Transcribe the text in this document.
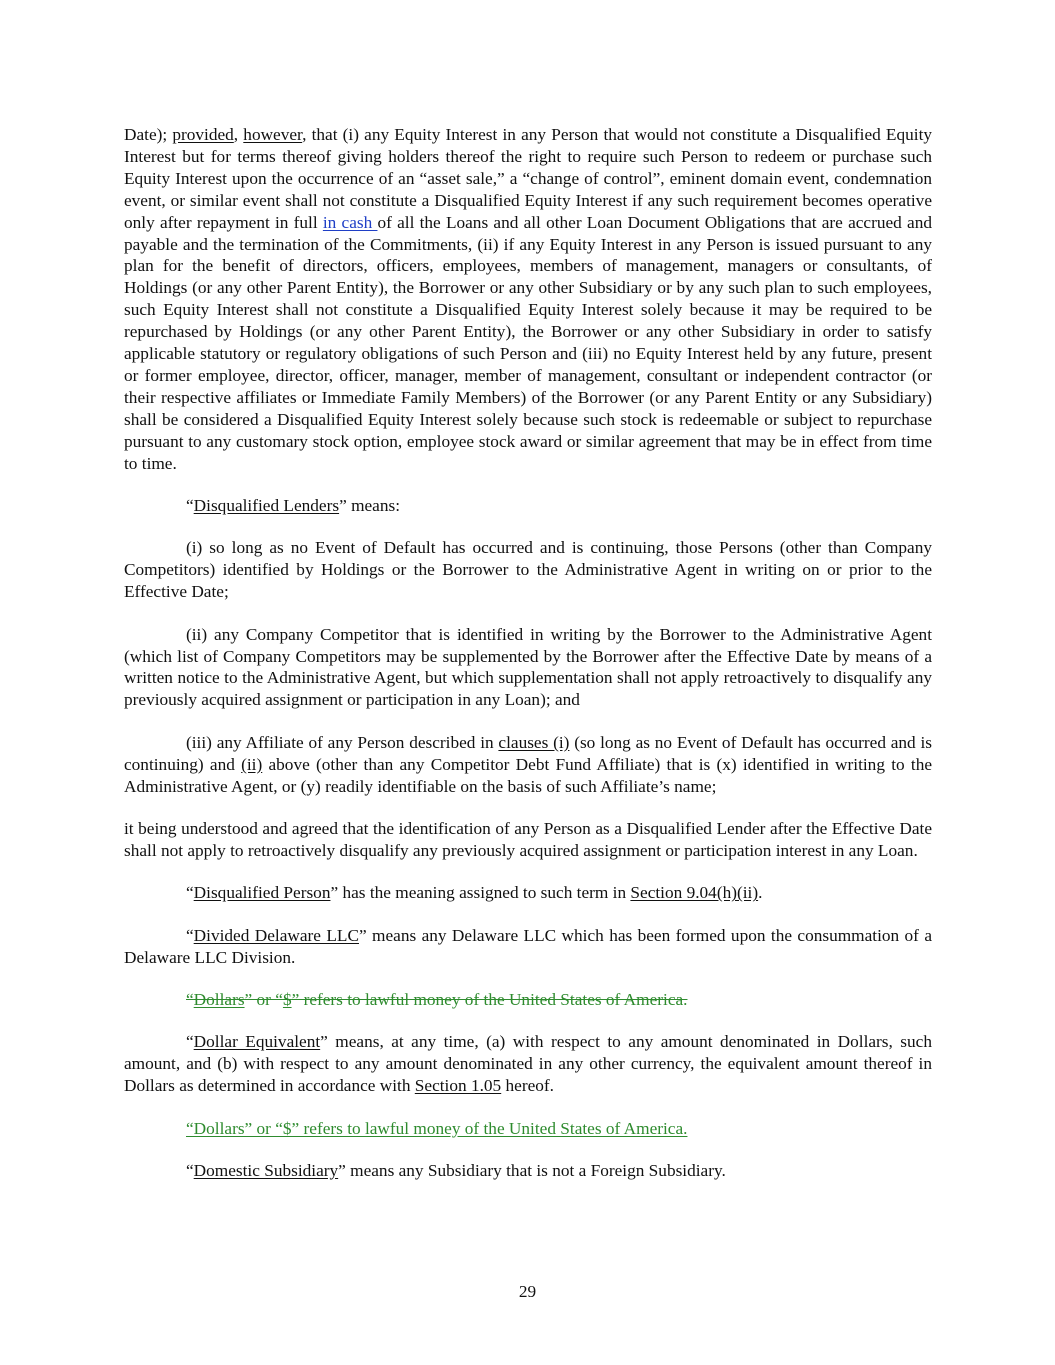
Date); provided, however, that (i) any Equity Interest in any Person that would not constitute a Disqualified Equity Interest but for terms thereof giving holders thereof the right to require such Person to redeem or purchase such Equity Interest upon the occurrence of an “asset sale,” a “change of control”, eminent domain event, condemnation event, or similar event shall not constitute a Disqualified Equity Interest if any such requirement becomes operative only after repayment in full in cash of all the Loans and all other Loan Document Obligations that are accrued and payable and the termination of the Commitments, (ii) if any Equity Interest in any Person is issued pursuant to any plan for the benefit of directors, officers, employees, members of management, managers or consultants, of Holdings (or any other Parent Entity), the Borrower or any other Subsidiary or by any such plan to such employees, such Equity Interest shall not constitute a Disqualified Equity Interest solely because it may be required to be repurchased by Holdings (or any other Parent Entity), the Borrower or any other Subsidiary in order to satisfy applicable statutory or regulatory obligations of such Person and (iii) no Equity Interest held by any future, present or former employee, director, officer, manager, member of management, consultant or independent contractor (or their respective affiliates or Immediate Family Members) of the Borrower (or any Parent Entity or any Subsidiary) shall be considered a Disqualified Equity Interest solely because such stock is redeemable or subject to repurchase pursuant to any customary stock option, employee stock award or similar agreement that may be in effect from time to time.

“Disqualified Lenders” means:

(i) so long as no Event of Default has occurred and is continuing, those Persons (other than Company Competitors) identified by Holdings or the Borrower to the Administrative Agent in writing on or prior to the Effective Date;

(ii) any Company Competitor that is identified in writing by the Borrower to the Administrative Agent (which list of Company Competitors may be supplemented by the Borrower after the Effective Date by means of a written notice to the Administrative Agent, but which supplementation shall not apply retroactively to disqualify any previously acquired assignment or participation in any Loan); and

(iii) any Affiliate of any Person described in clauses (i) (so long as no Event of Default has occurred and is continuing) and (ii) above (other than any Competitor Debt Fund Affiliate) that is (x) identified in writing to the Administrative Agent, or (y) readily identifiable on the basis of such Affiliate’s name;

it being understood and agreed that the identification of any Person as a Disqualified Lender after the Effective Date shall not apply to retroactively disqualify any previously acquired assignment or participation interest in any Loan.

“Disqualified Person” has the meaning assigned to such term in Section 9.04(h)(ii).

“Divided Delaware LLC” means any Delaware LLC which has been formed upon the consummation of a Delaware LLC Division.

“Dollars” or “$” refers to lawful money of the United States of America.

“Dollar Equivalent” means, at any time, (a) with respect to any amount denominated in Dollars, such amount, and (b) with respect to any amount denominated in any other currency, the equivalent amount thereof in Dollars as determined in accordance with Section 1.05 hereof.

“Dollars” or “$” refers to lawful money of the United States of America.

“Domestic Subsidiary” means any Subsidiary that is not a Foreign Subsidiary.

29
